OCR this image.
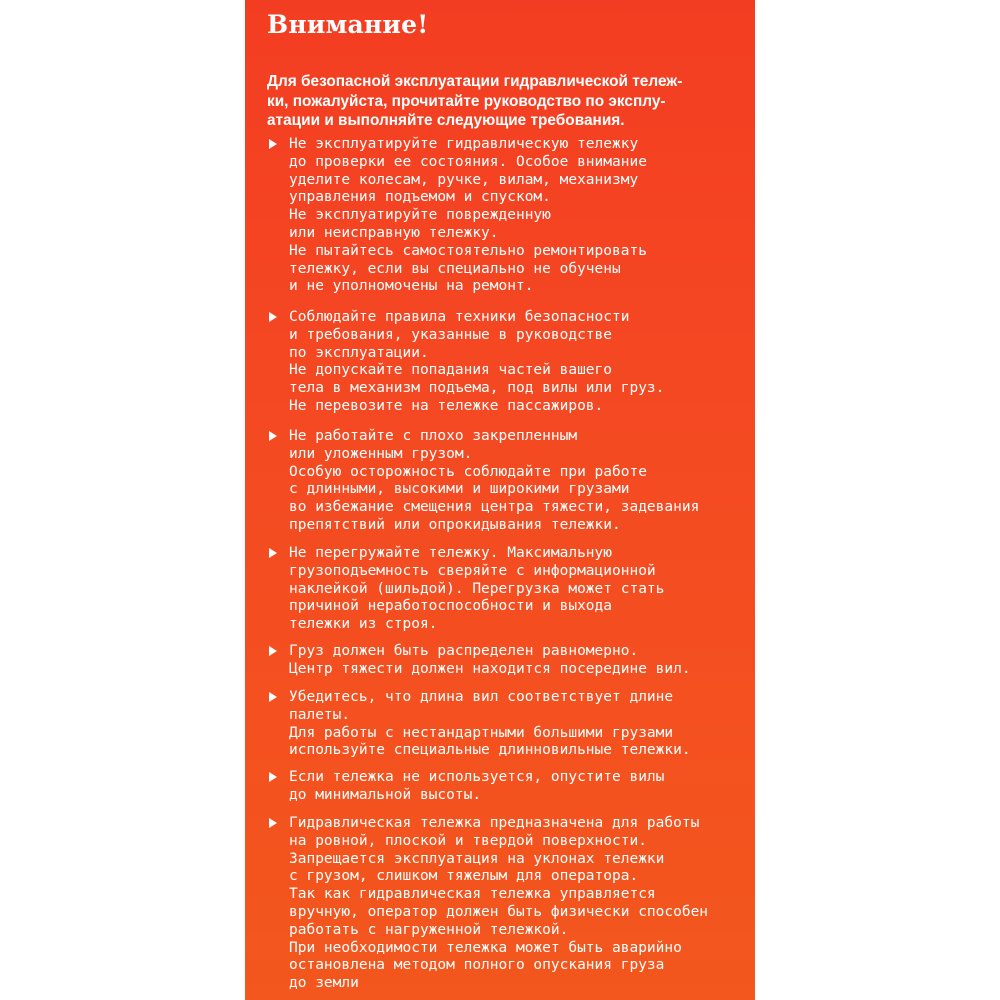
Внимание!

Для безопасной эксплуатации гидравлической тележ-
ки, пожалуйста, прочитайте руководство по эксплу-
атации и выполняйте следующие требования.

Не эксплуатируйте гидравлическую тележку
до проверки ее состояния. Особое внимание
уделите колесам, ручке, вилам, механизму
управления подъемом и спуском.
Не эксплуатируйте поврежденную
или неисправную тележку.
Не пытайтесь самостоятельно ремонтировать
тележку, если вы специально не обучены
и не уполномочены на ремонт.
Соблюдайте правила техники безопасности
и требования, указанные в руководстве
по эксплуатации.
Не допускайте попадания частей вашего
тела в механизм подъема, под вилы или груз.
Не перевозите на тележке пассажиров.
Не работайте с плохо закрепленным
или уложенным грузом.
Особую осторожность соблюдайте при работе
с длинными, высокими и широкими грузами
во избежание смещения центра тяжести, задевания
препятствий или опрокидывания тележки.
Не перегружайте тележку. Максимальную
грузоподъемность сверяйте с информационной
наклейкой (шильдой). Перегрузка может стать
причиной неработоспособности и выхода
тележки из строя.
Груз должен быть распределен равномерно.
Центр тяжести должен находится посередине вил.
Убедитесь, что длина вил соответствует длине
палеты.
Для работы с нестандартными большими грузами
используйте специальные длинновильные тележки.
Если тележка не используется, опустите вилы
до минимальной высоты.
Гидравлическая тележка предназначена для работы
на ровной, плоской и твердой поверхности.
Запрещается эксплуатация на уклонах тележки
с грузом, слишком тяжелым для оператора.
Так как гидравлическая тележка управляется
вручную, оператор должен быть физически способен
работать с нагруженной тележкой.
При необходимости тележка может быть аварийно
остановлена методом полного опускания груза
до земли
